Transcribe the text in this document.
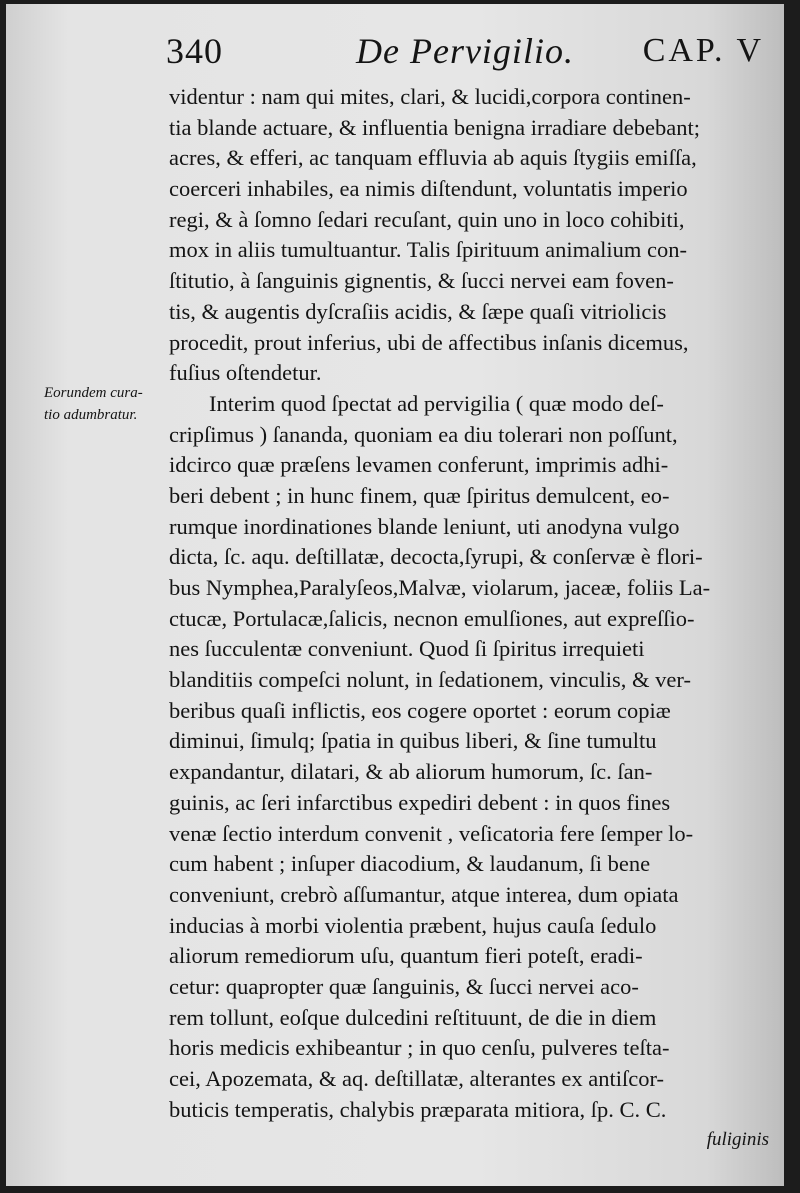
340	De Pervigilio. CAP. V
Eorundem cura-
tio adumbratur.
videntur : nam qui mites, clari, & lucidi,corpora continen-
tia blande actuare, & influentia benigna irradiare debebant;
acres, & efferi, ac tanquam effluvia ab aquis ſtygiis emiſſa,
coerceri inhabiles, ea nimis diſtendunt, voluntatis imperio
regi, & à ſomno ſedari recuſant, quin uno in loco cohibiti,
mox in aliis tumultuantur. Talis ſpirituum animalium con-
ſtitutio, à ſanguinis gignentis, & ſucci nervei eam foven-
tis, & augentis dyſcraſiis acidis, & ſæpe quaſi vitriolicis
procedit, prout inferius, ubi de affectibus inſanis dicemus,
fuſius oſtendetur.
Interim quod ſpectat ad pervigilia ( quæ modo deſ-
cripſimus ) ſananda, quoniam ea diu tolerari non poſſunt,
idcirco quæ præſens levamen conferunt, imprimis adhi-
beri debent ; in hunc finem, quæ ſpiritus demulcent, eo-
rumque inordinationes blande leniunt, uti anodyna vulgo
dicta, ſc. aqu. deſtillatæ, decocta,ſyrupi, & conſervæ è flori-
bus Nymphea,Paralyſeos,Malvæ, violarum, jaceæ, foliis La-
ctucæ, Portulacæ,ſalicis, necnon emulſiones, aut expreſſio-
nes ſucculentæ conveniunt. Quod ſi ſpiritus irrequieti
blanditiis compeſci nolunt, in ſedationem, vinculis, & ver-
beribus quaſi inflictis, eos cogere oportet : eorum copiæ
diminui, ſimulq; ſpatia in quibus liberi, & ſine tumultu
expandantur, dilatari, & ab aliorum humorum, ſc. ſan-
guinis, ac ſeri infarctibus expediri debent : in quos fines
venæ ſectio interdum convenit , veſicatoria fere ſemper lo-
cum habent ; inſuper diacodium, & laudanum, ſi bene
conveniunt, crebrò aſſumantur, atque interea, dum opiata
inducias à morbi violentia præbent, hujus cauſa ſedulo
aliorum remediorum uſu, quantum fieri poteſt, eradi-
cetur: quapropter quæ ſanguinis, & ſucci nervei aco-
rem tollunt, eoſque dulcedini reſtituunt, de die in diem
horis medicis exhibeantur ; in quo cenſu, pulveres teſta-
cei, Apozemata, & aq. deſtillatæ, alterantes ex antiſcor-
buticis temperatis, chalybis præparata mitiora, ſp. C. C.
fuliginis
